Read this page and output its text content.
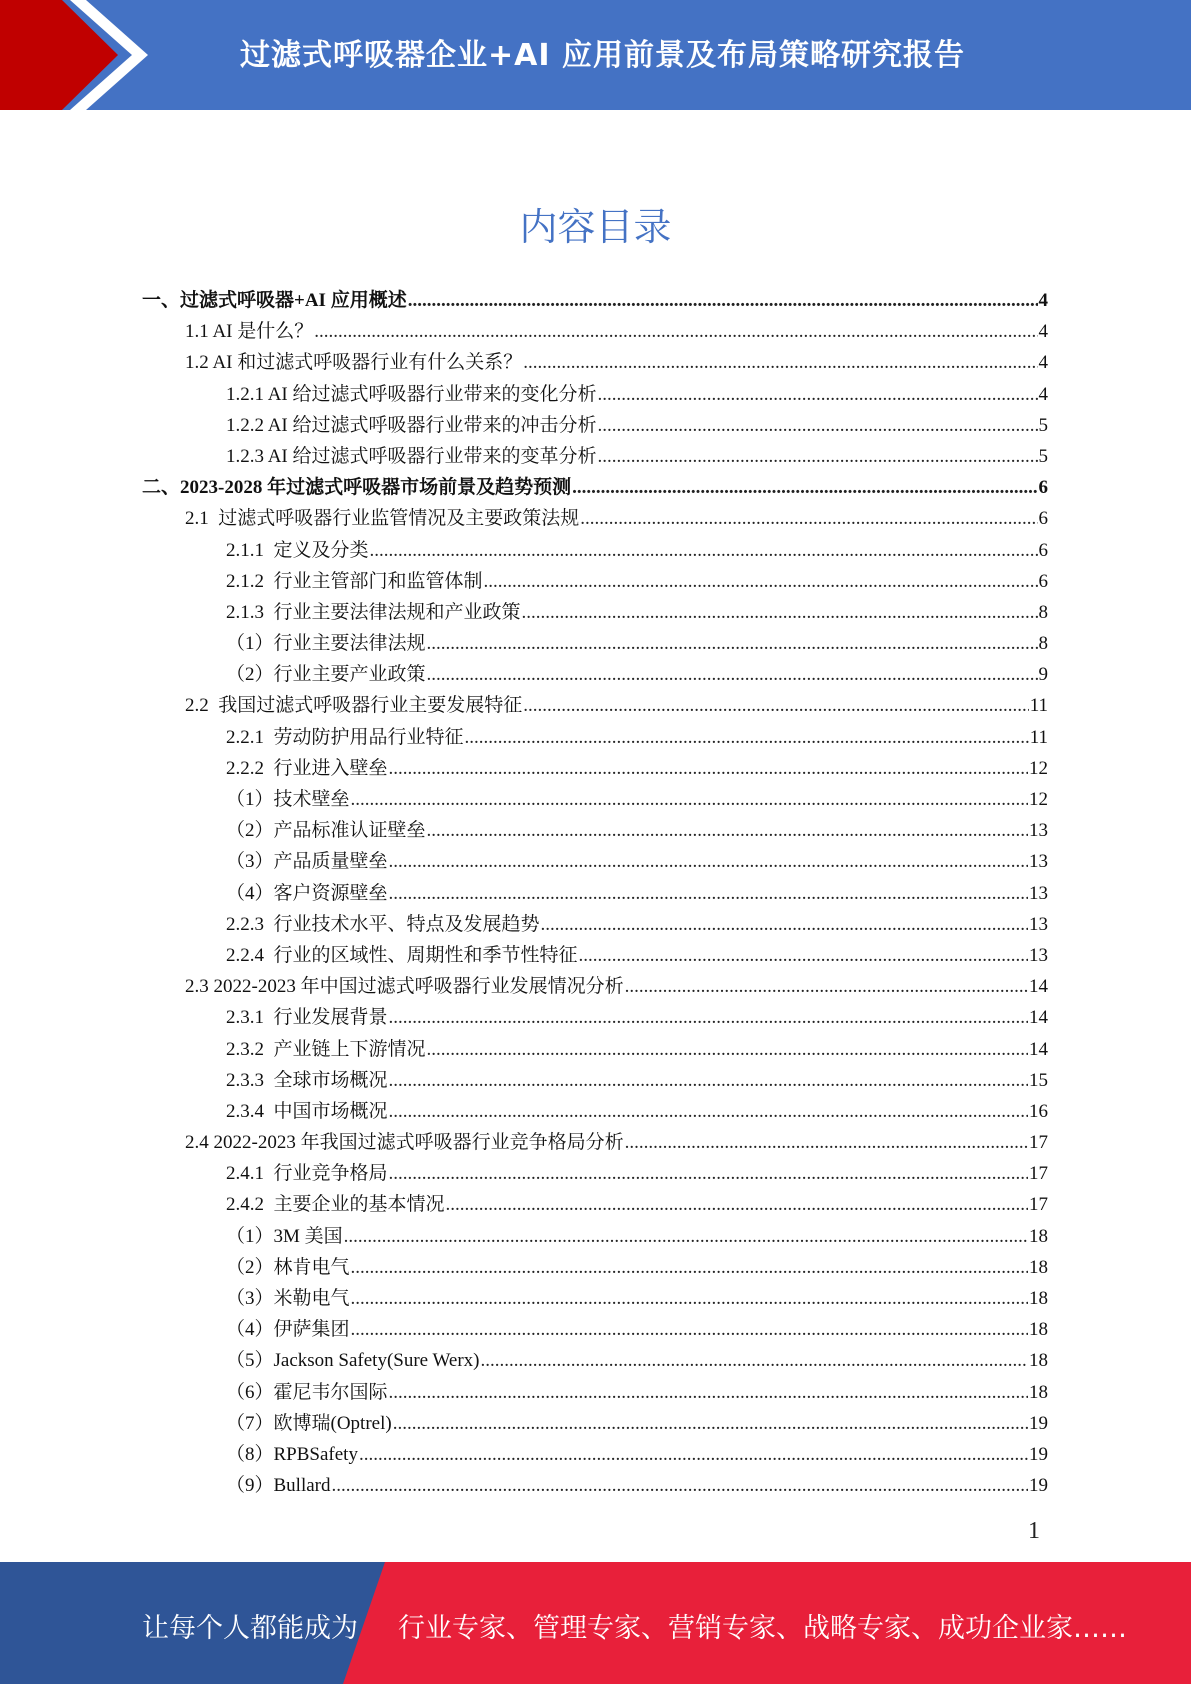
过滤式呼吸器企业+AI 应用前景及布局策略研究报告
内容目录
一、过滤式呼吸器+AI 应用概述 .....	4
1.1 AI 是什么？ .....	4
1.2 AI 和过滤式呼吸器行业有什么关系？ .....	4
1.2.1 AI 给过滤式呼吸器行业带来的变化分析 .....	4
1.2.2 AI 给过滤式呼吸器行业带来的冲击分析 .....	5
1.2.3 AI 给过滤式呼吸器行业带来的变革分析 .....	5
二、2023-2028 年过滤式呼吸器市场前景及趋势预测 .....	6
2.1  过滤式呼吸器行业监管情况及主要政策法规 .....	6
2.1.1  定义及分类 .....	6
2.1.2  行业主管部门和监管体制 .....	6
2.1.3  行业主要法律法规和产业政策 .....	8
（1）行业主要法律法规 .....	8
（2）行业主要产业政策 .....	9
2.2  我国过滤式呼吸器行业主要发展特征 .....	11
2.2.1  劳动防护用品行业特征 .....	11
2.2.2  行业进入壁垒 .....	12
（1）技术壁垒 .....	12
（2）产品标准认证壁垒 .....	13
（3）产品质量壁垒 .....	13
（4）客户资源壁垒 .....	13
2.2.3  行业技术水平、特点及发展趋势 .....	13
2.2.4  行业的区域性、周期性和季节性特征 .....	13
2.3 2022-2023 年中国过滤式呼吸器行业发展情况分析 .....	14
2.3.1  行业发展背景 .....	14
2.3.2  产业链上下游情况 .....	14
2.3.3  全球市场概况 .....	15
2.3.4  中国市场概况 .....	16
2.4 2022-2023 年我国过滤式呼吸器行业竞争格局分析 .....	17
2.4.1  行业竞争格局 .....	17
2.4.2  主要企业的基本情况 .....	17
（1）3M 美国 .....	18
（2）林肯电气 .....	18
（3）米勒电气 .....	18
（4）伊萨集团 .....	18
（5）Jackson Safety(Sure Werx) .....	18
（6）霍尼韦尔国际 .....	18
（7）欧博瑞(Optrel) .....	19
（8）RPBSafety .....	19
（9）Bullard .....	19
1
让每个人都能成为 行业专家、管理专家、营销专家、战略专家、成功企业家……
